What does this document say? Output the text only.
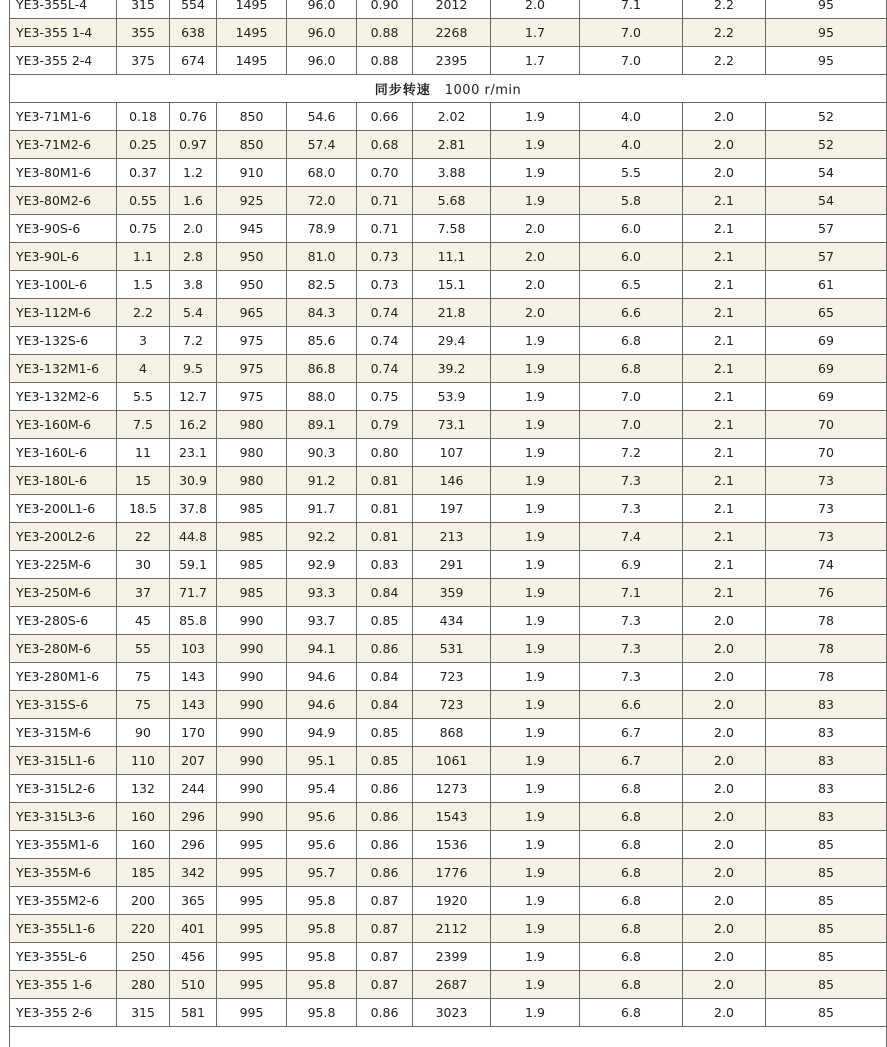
YE3-355L-4	315	554	1495	96.0	0.90	2012	2.0	7.1	2.2	95
YE3-355 1-4	355	638	1495	96.0	0.88	2268	1.7	7.0	2.2	95
YE3-355 2-4	375	674	1495	96.0	0.88	2395	1.7	7.0	2.2	95
同步转速 1000 r/min										
YE3-71M1-6	0.18	0.76	850	54.6	0.66	2.02	1.9	4.0	2.0	52
YE3-71M2-6	0.25	0.97	850	57.4	0.68	2.81	1.9	4.0	2.0	52
YE3-80M1-6	0.37	1.2	910	68.0	0.70	3.88	1.9	5.5	2.0	54
YE3-80M2-6	0.55	1.6	925	72.0	0.71	5.68	1.9	5.8	2.1	54
YE3-90S-6	0.75	2.0	945	78.9	0.71	7.58	2.0	6.0	2.1	57
YE3-90L-6	1.1	2.8	950	81.0	0.73	11.1	2.0	6.0	2.1	57
YE3-100L-6	1.5	3.8	950	82.5	0.73	15.1	2.0	6.5	2.1	61
YE3-112M-6	2.2	5.4	965	84.3	0.74	21.8	2.0	6.6	2.1	65
YE3-132S-6	3	7.2	975	85.6	0.74	29.4	1.9	6.8	2.1	69
YE3-132M1-6	4	9.5	975	86.8	0.74	39.2	1.9	6.8	2.1	69
YE3-132M2-6	5.5	12.7	975	88.0	0.75	53.9	1.9	7.0	2.1	69
YE3-160M-6	7.5	16.2	980	89.1	0.79	73.1	1.9	7.0	2.1	70
YE3-160L-6	11	23.1	980	90.3	0.80	107	1.9	7.2	2.1	70
YE3-180L-6	15	30.9	980	91.2	0.81	146	1.9	7.3	2.1	73
YE3-200L1-6	18.5	37.8	985	91.7	0.81	197	1.9	7.3	2.1	73
YE3-200L2-6	22	44.8	985	92.2	0.81	213	1.9	7.4	2.1	73
YE3-225M-6	30	59.1	985	92.9	0.83	291	1.9	6.9	2.1	74
YE3-250M-6	37	71.7	985	93.3	0.84	359	1.9	7.1	2.1	76
YE3-280S-6	45	85.8	990	93.7	0.85	434	1.9	7.3	2.0	78
YE3-280M-6	55	103	990	94.1	0.86	531	1.9	7.3	2.0	78
YE3-280M1-6	75	143	990	94.6	0.84	723	1.9	7.3	2.0	78
YE3-315S-6	75	143	990	94.6	0.84	723	1.9	6.6	2.0	83
YE3-315M-6	90	170	990	94.9	0.85	868	1.9	6.7	2.0	83
YE3-315L1-6	110	207	990	95.1	0.85	1061	1.9	6.7	2.0	83
YE3-315L2-6	132	244	990	95.4	0.86	1273	1.9	6.8	2.0	83
YE3-315L3-6	160	296	990	95.6	0.86	1543	1.9	6.8	2.0	83
YE3-355M1-6	160	296	995	95.6	0.86	1536	1.9	6.8	2.0	85
YE3-355M-6	185	342	995	95.7	0.86	1776	1.9	6.8	2.0	85
YE3-355M2-6	200	365	995	95.8	0.87	1920	1.9	6.8	2.0	85
YE3-355L1-6	220	401	995	95.8	0.87	2112	1.9	6.8	2.0	85
YE3-355L-6	250	456	995	95.8	0.87	2399	1.9	6.8	2.0	85
YE3-355 1-6	280	510	995	95.8	0.87	2687	1.9	6.8	2.0	85
YE3-355 2-6	315	581	995	95.8	0.86	3023	1.9	6.8	2.0	85
